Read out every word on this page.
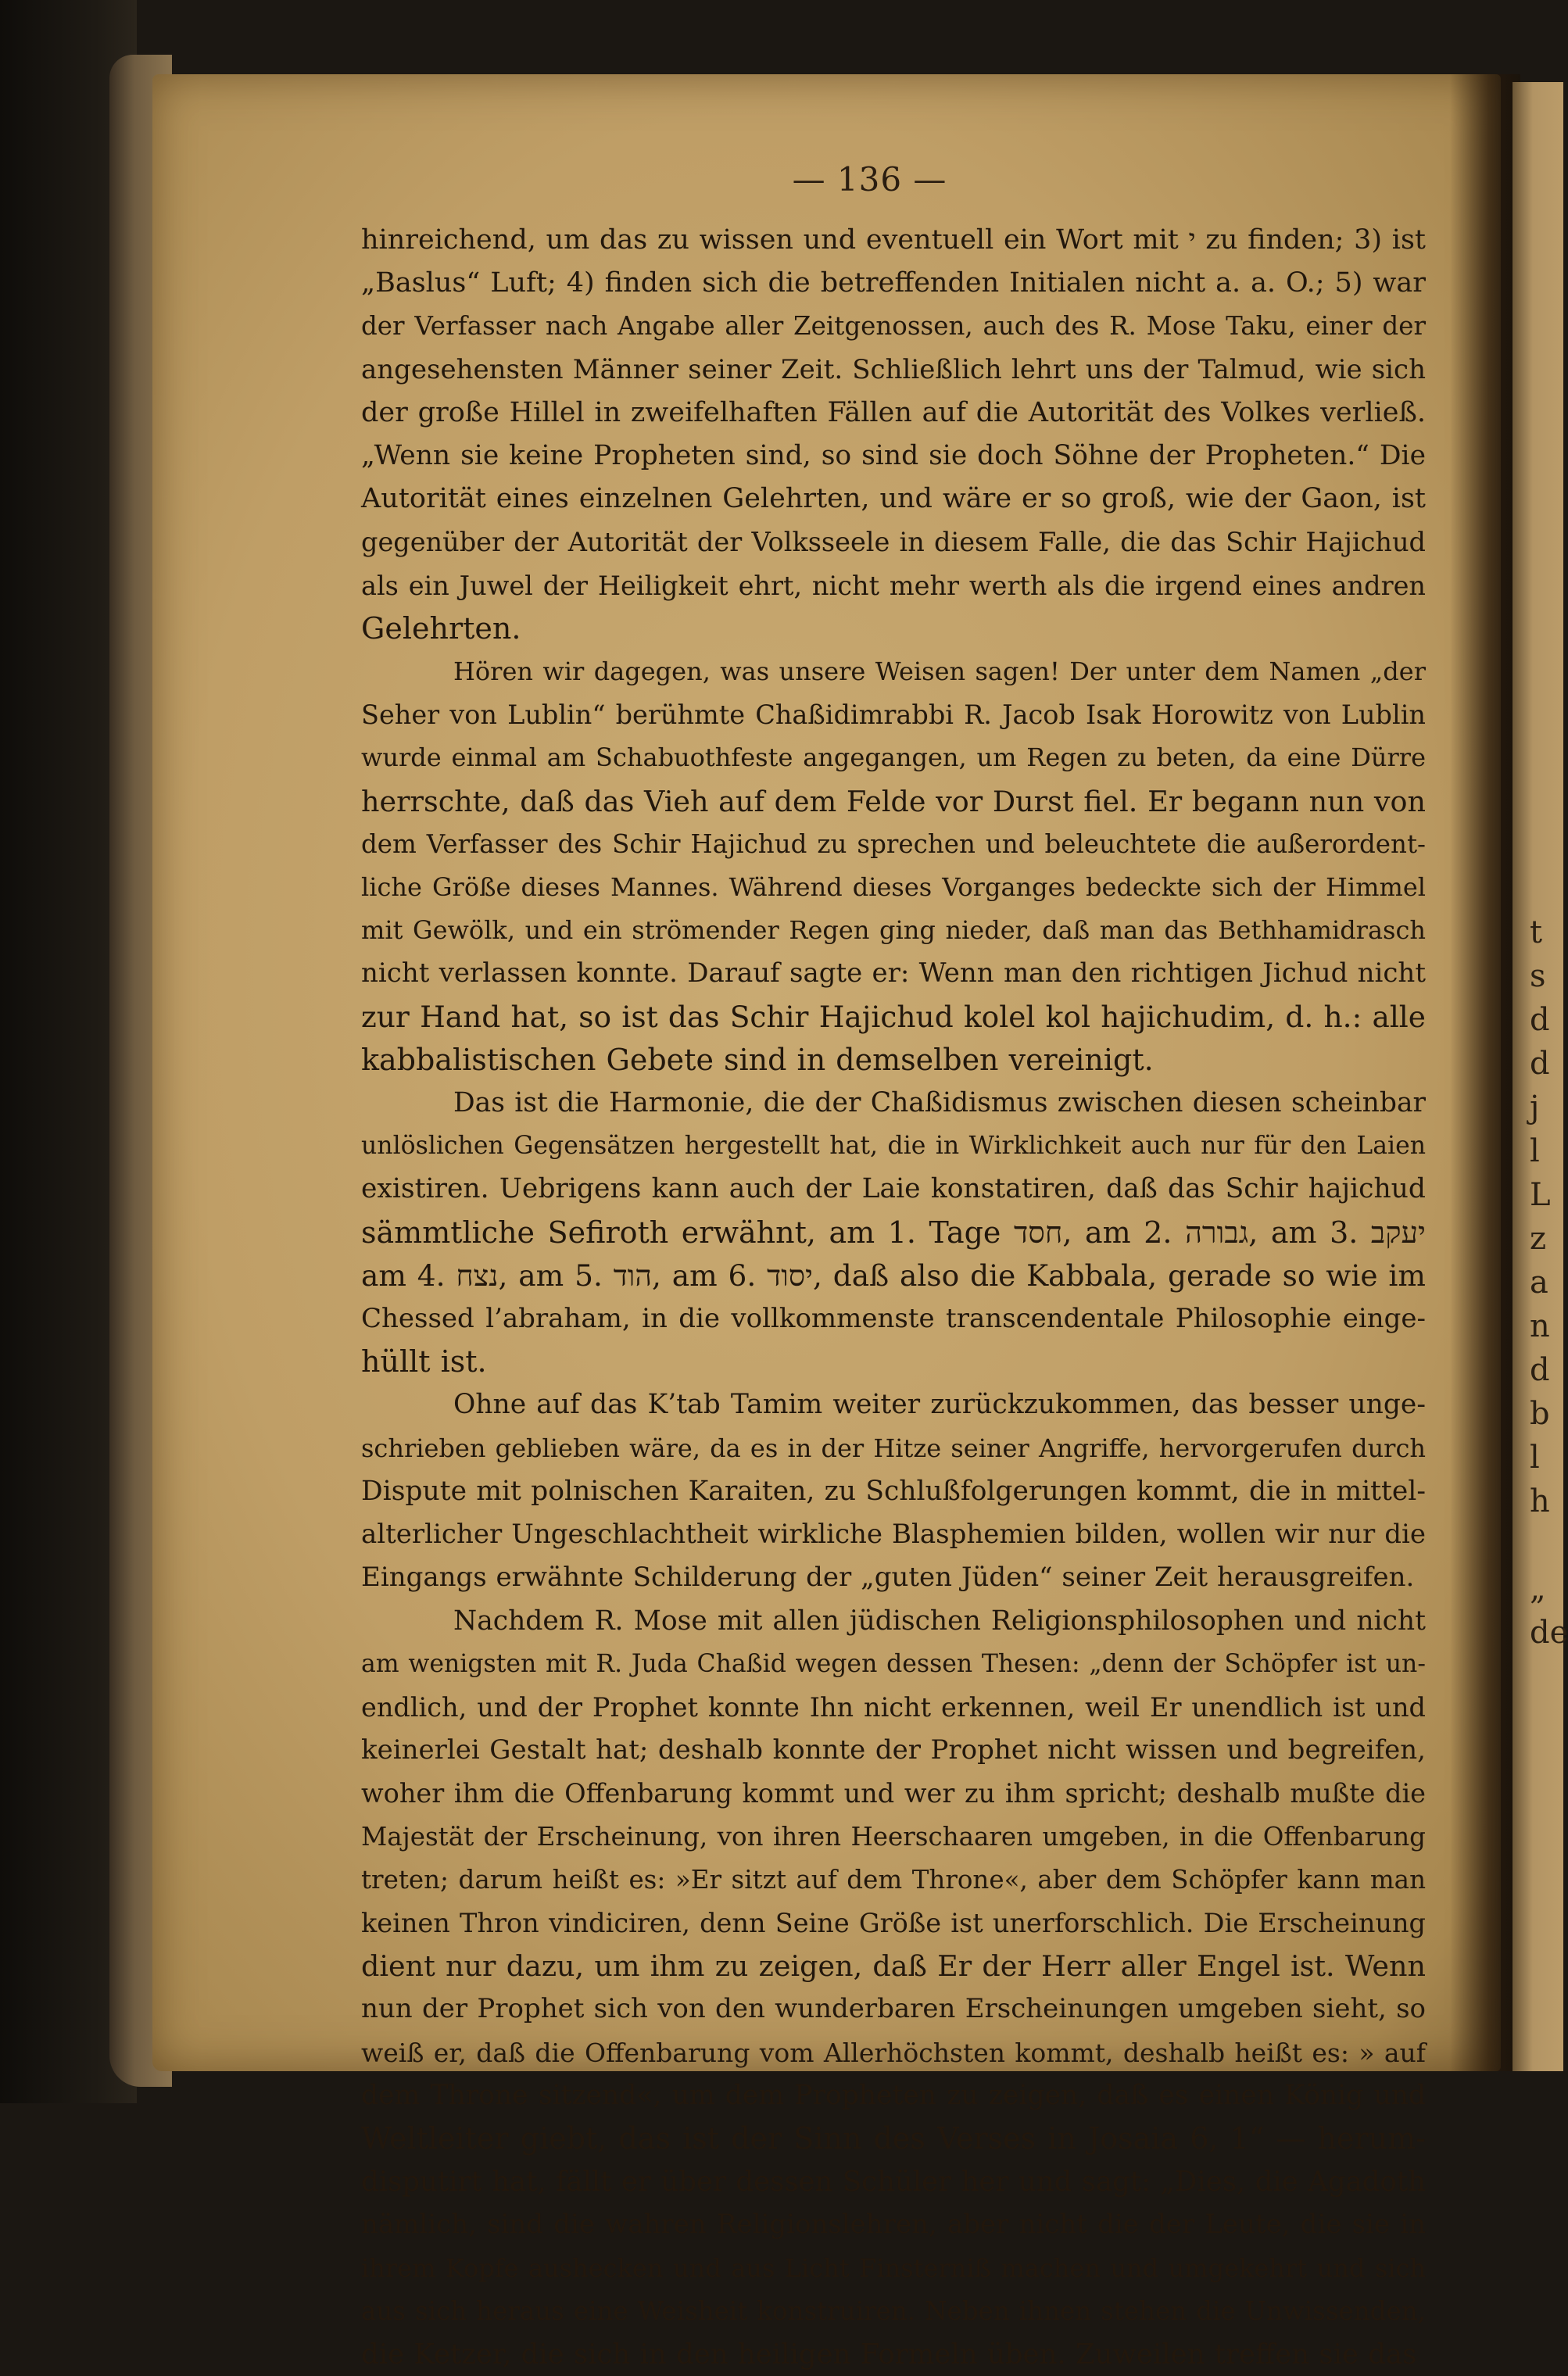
t
s
d
d
j
l
L
z
a
n
d
b
l
h

„
de
— 136 —
hinreichend, um das zu wissen und eventuell ein Wort mit י zu finden; 3) ist
„Baslus“ Luft; 4) finden sich die betreffenden Initialen nicht a. a. O.; 5) war
der Verfasser nach Angabe aller Zeitgenossen, auch des R. Mose Taku, einer der
angesehensten Männer seiner Zeit. Schließlich lehrt uns der Talmud, wie sich
der große Hillel in zweifelhaften Fällen auf die Autorität des Volkes verließ.
„Wenn sie keine Propheten sind, so sind sie doch Söhne der Propheten.“ Die
Autorität eines einzelnen Gelehrten, und wäre er so groß, wie der Gaon, ist
gegenüber der Autorität der Volksseele in diesem Falle, die das Schir Hajichud
als ein Juwel der Heiligkeit ehrt, nicht mehr werth als die irgend eines andren
Gelehrten.
Hören wir dagegen, was unsere Weisen sagen! Der unter dem Namen „der
Seher von Lublin“ berühmte Chaßidimrabbi R. Jacob Isak Horowitz von Lublin
wurde einmal am Schabuothfeste angegangen, um Regen zu beten, da eine Dürre
herrschte, daß das Vieh auf dem Felde vor Durst fiel. Er begann nun von
dem Verfasser des Schir Hajichud zu sprechen und beleuchtete die außerordent-
liche Größe dieses Mannes. Während dieses Vorganges bedeckte sich der Himmel
mit Gewölk, und ein strömender Regen ging nieder, daß man das Bethhamidrasch
nicht verlassen konnte. Darauf sagte er: Wenn man den richtigen Jichud nicht
zur Hand hat, so ist das Schir Hajichud kolel kol hajichudim, d. h.: alle
kabbalistischen Gebete sind in demselben vereinigt.
Das ist die Harmonie, die der Chaßidismus zwischen diesen scheinbar
unlöslichen Gegensätzen hergestellt hat, die in Wirklichkeit auch nur für den Laien
existiren. Uebrigens kann auch der Laie konstatiren, daß das Schir hajichud
sämmtliche Sefiroth erwähnt, am 1. Tage חסד, am 2. גבורה, am 3. יעקב
am 4. נצח, am 5. הוד, am 6. יסוד, daß also die Kabbala, gerade so wie im
Chessed l’abraham, in die vollkommenste transcendentale Philosophie einge-
hüllt ist.
Ohne auf das K’tab Tamim weiter zurückzukommen, das besser unge-
schrieben geblieben wäre, da es in der Hitze seiner Angriffe, hervorgerufen durch
Dispute mit polnischen Karaiten, zu Schlußfolgerungen kommt, die in mittel-
alterlicher Ungeschlachtheit wirkliche Blasphemien bilden, wollen wir nur die
Eingangs erwähnte Schilderung der „guten Jüden“ seiner Zeit herausgreifen.
Nachdem R. Mose mit allen jüdischen Religionsphilosophen und nicht
am wenigsten mit R. Juda Chaßid wegen dessen Thesen: „denn der Schöpfer ist un-
endlich, und der Prophet konnte Ihn nicht erkennen, weil Er unendlich ist und
keinerlei Gestalt hat; deshalb konnte der Prophet nicht wissen und begreifen,
woher ihm die Offenbarung kommt und wer zu ihm spricht; deshalb mußte die
Majestät der Erscheinung, von ihren Heerschaaren umgeben, in die Offenbarung
treten; darum heißt es: »Er sitzt auf dem Throne«, aber dem Schöpfer kann man
keinen Thron vindiciren, denn Seine Größe ist unerforschlich. Die Erscheinung
dient nur dazu, um ihm zu zeigen, daß Er der Herr aller Engel ist. Wenn
nun der Prophet sich von den wunderbaren Erscheinungen umgeben sieht, so
weiß er, daß die Offenbarung vom Allerhöchsten kommt, deshalb heißt es: » auf
dem Throne sitzend«, um dem Propheten zu zeigen, daß es einen König und
Weltleiter giebt, das ist der Sinn des Verses in Josaia 6, 1“ — herum-
disputirt hat, fällt er über dessen Schüler her und sagt: „Dies, die Agadoth
nämlich, sind die wahren Religionslehren, aber nicht die der Leute, die sie in
ihrem Kopfe aushecken und aus Licht Finsterniß machen und umgekehrt und sich
aus sich heraus eine Weisheit konstruiren. Neben ihnen stehen die Unwissenden,
die Ketzer, die sich in den heiligen Formeln üben. Zuweilen treffen sie das
